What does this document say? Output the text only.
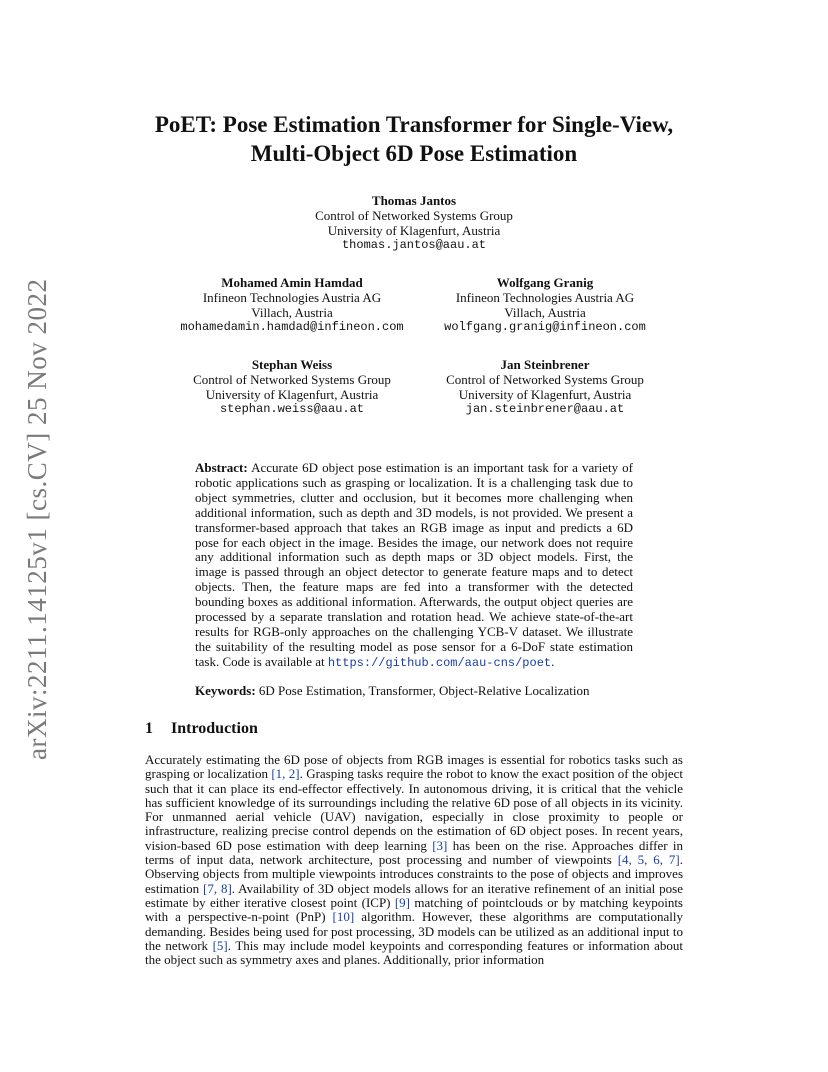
arXiv:2211.14125v1 [cs.CV] 25 Nov 2022
PoET: Pose Estimation Transformer for Single-View,
Multi-Object 6D Pose Estimation
Thomas Jantos
Control of Networked Systems Group
University of Klagenfurt, Austria
thomas.jantos@aau.at
Mohamed Amin Hamdad
Infineon Technologies Austria AG
Villach, Austria
mohamedamin.hamdad@infineon.com
Wolfgang Granig
Infineon Technologies Austria AG
Villach, Austria
wolfgang.granig@infineon.com
Stephan Weiss
Control of Networked Systems Group
University of Klagenfurt, Austria
stephan.weiss@aau.at
Jan Steinbrener
Control of Networked Systems Group
University of Klagenfurt, Austria
jan.steinbrener@aau.at
Abstract: Accurate 6D object pose estimation is an important task for a variety of robotic applications such as grasping or localization. It is a challenging task due to object symmetries, clutter and occlusion, but it becomes more challenging when additional information, such as depth and 3D models, is not provided. We present a transformer-based approach that takes an RGB image as input and predicts a 6D pose for each object in the image. Besides the image, our network does not require any additional information such as depth maps or 3D object models. First, the image is passed through an object detector to generate feature maps and to detect objects. Then, the feature maps are fed into a transformer with the detected bounding boxes as additional information. Afterwards, the output object queries are processed by a separate translation and rotation head. We achieve state-of-the-art results for RGB-only approaches on the challenging YCB-V dataset. We illustrate the suitability of the resulting model as pose sensor for a 6-DoF state estimation task. Code is available at https://github.com/aau-cns/poet.
Keywords: 6D Pose Estimation, Transformer, Object-Relative Localization
1 Introduction
Accurately estimating the 6D pose of objects from RGB images is essential for robotics tasks such as grasping or localization [1, 2]. Grasping tasks require the robot to know the exact position of the object such that it can place its end-effector effectively. In autonomous driving, it is critical that the vehicle has sufficient knowledge of its surroundings including the relative 6D pose of all objects in its vicinity. For unmanned aerial vehicle (UAV) navigation, especially in close proximity to people or infrastructure, realizing precise control depends on the estimation of 6D object poses. In recent years, vision-based 6D pose estimation with deep learning [3] has been on the rise. Approaches differ in terms of input data, network architecture, post processing and number of viewpoints [4, 5, 6, 7]. Observing objects from multiple viewpoints introduces constraints to the pose of objects and improves estimation [7, 8]. Availability of 3D object models allows for an iterative refinement of an initial pose estimate by either iterative closest point (ICP) [9] matching of pointclouds or by matching keypoints with a perspective-n-point (PnP) [10] algorithm. However, these algorithms are computationally demanding. Besides being used for post processing, 3D models can be utilized as an additional input to the network [5]. This may include model keypoints and corresponding features or information about the object such as symmetry axes and planes. Additionally, prior information
